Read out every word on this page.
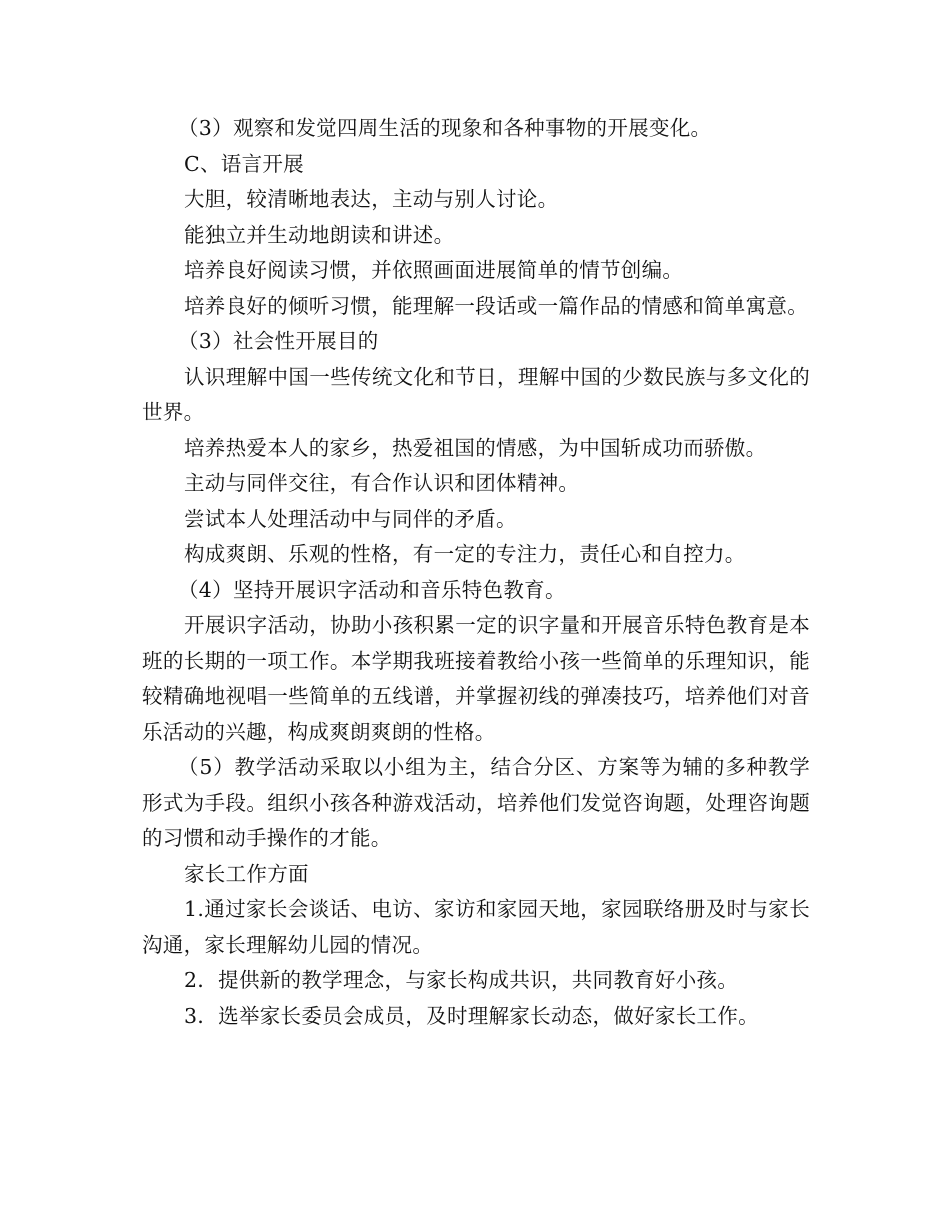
（3）观察和发觉四周生活的现象和各种事物的开展变化。

C、语言开展

大胆，较清晰地表达，主动与别人讨论。

能独立并生动地朗读和讲述。

培养良好阅读习惯，并依照画面进展简单的情节创编。

培养良好的倾听习惯，能理解一段话或一篇作品的情感和简单寓意。

（3）社会性开展目的

认识理解中国一些传统文化和节日，理解中国的少数民族与多文化的世界。

培养热爱本人的家乡，热爱祖国的情感，为中国斩成功而骄傲。

主动与同伴交往，有合作认识和团体精神。

尝试本人处理活动中与同伴的矛盾。

构成爽朗、乐观的性格，有一定的专注力，责任心和自控力。

（4）坚持开展识字活动和音乐特色教育。

开展识字活动，协助小孩积累一定的识字量和开展音乐特色教育是本班的长期的一项工作。本学期我班接着教给小孩一些简单的乐理知识，能较精确地视唱一些简单的五线谱，并掌握初线的弹凑技巧，培养他们对音乐活动的兴趣，构成爽朗爽朗的性格。

（5）教学活动采取以小组为主，结合分区、方案等为辅的多种教学形式为手段。组织小孩各种游戏活动，培养他们发觉咨询题，处理咨询题的习惯和动手操作的才能。

家长工作方面

1.通过家长会谈话、电访、家访和家园天地，家园联络册及时与家长沟通，家长理解幼儿园的情况。

2．提供新的教学理念，与家长构成共识，共同教育好小孩。

3．选举家长委员会成员，及时理解家长动态，做好家长工作。
